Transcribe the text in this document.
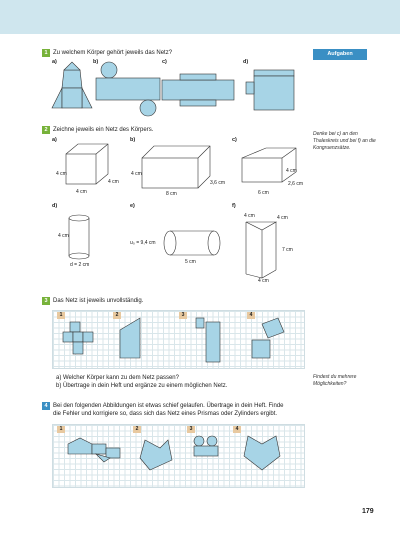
Aufgaben
1 Zu welchem Körper gehört jeweils das Netz?
a)	b)	c)	d)
2 Zeichne jeweils ein Netz des Körpers.
Denke bei c) an den Thaleskreis und bei f) an die Kongruenzsätze.
a)	b)	c)
d)	e)	f)
4 cm
4 cm
4 cm
4 cm
3,6 cm
8 cm
4 cm
2,6 cm
6 cm
4 cm
d = 2 cm
u₀ = 9,4 cm
5 cm
4 cm	4 cm
7 cm
4 cm
3 Das Netz ist jeweils unvollständig.
1	2	3	4
a) Welcher Körper kann zu dem Netz passen?
b) Übertrage in dein Heft und ergänze zu einem möglichen Netz.
Findest du mehrere Möglichkeiten?
4 Bei den folgenden Abbildungen ist etwas schief gelaufen. Übertrage in dein Heft. Finde
die Fehler und korrigiere so, dass sich das Netz eines Prismas oder Zylinders ergibt.
1	2	3	4
179
